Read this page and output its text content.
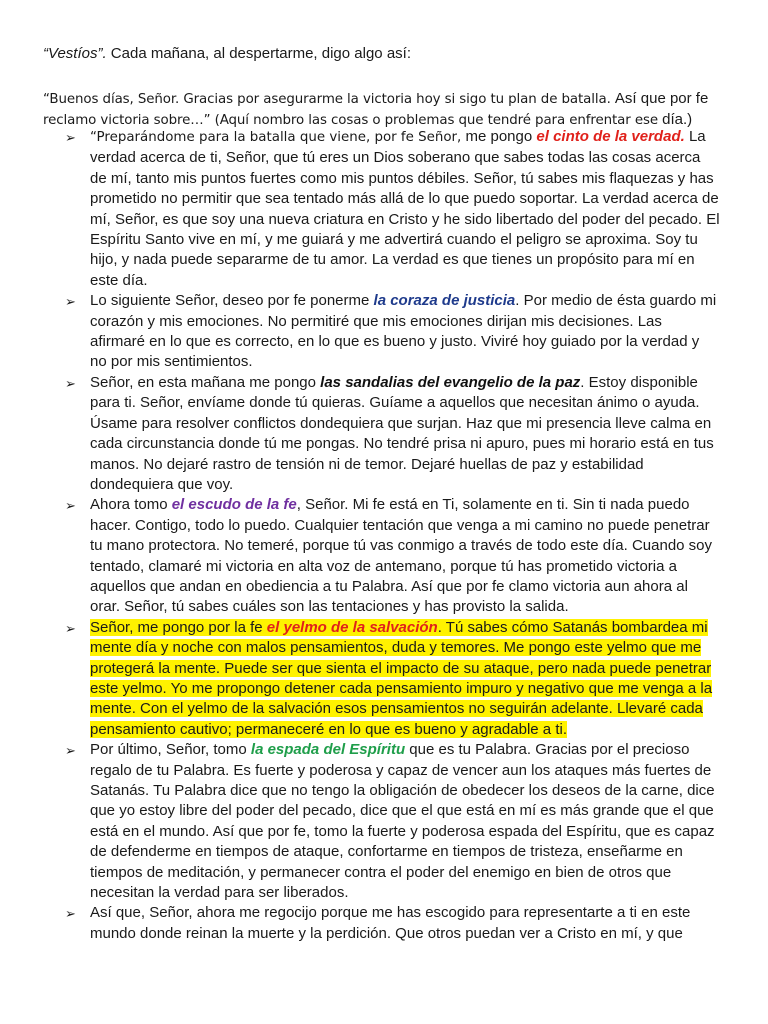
“Vestíos”. Cada mañana, al despertarme, digo algo así:
“Buenos días, Señor. Gracias por asegurarme la victoria hoy si sigo tu plan de batalla. Así que por fe
reclamo victoria sobre…” (Aquí nombro las cosas o problemas que tendré para enfrentar ese día.)
➢ “Preparándome para la batalla que viene, por fe Señor, me pongo el cinto de la verdad. La verdad acerca de ti, Señor, que tú eres un Dios soberano que sabes todas las cosas acerca de mí, tanto mis puntos fuertes como mis puntos débiles. Señor, tú sabes mis flaquezas y has prometido no permitir que sea tentado más allá de lo que puedo soportar. La verdad acerca de mí, Señor, es que soy una nueva criatura en Cristo y he sido libertado del poder del pecado. El Espíritu Santo vive en mí, y me guiará y me advertirá cuando el peligro se aproxima. Soy tu hijo, y nada puede separarme de tu amor. La verdad es que tienes un propósito para mí en este día.
➢ Lo siguiente Señor, deseo por fe ponerme la coraza de justicia. Por medio de ésta guardo mi corazón y mis emociones. No permitiré que mis emociones dirijan mis decisiones. Las afirmaré en lo que es correcto, en lo que es bueno y justo. Viviré hoy guiado por la verdad y no por mis sentimientos.
➢ Señor, en esta mañana me pongo las sandalias del evangelio de la paz. Estoy disponible para ti. Señor, envíame donde tú quieras. Guíame a aquellos que necesitan ánimo o ayuda. Úsame para resolver conflictos dondequiera que surjan. Haz que mi presencia lleve calma en cada circunstancia donde tú me pongas. No tendré prisa ni apuro, pues mi horario está en tus manos. No dejaré rastro de tensión ni de temor. Dejaré huellas de paz y estabilidad dondequiera que voy.
➢ Ahora tomo el escudo de la fe, Señor. Mi fe está en Ti, solamente en ti. Sin ti nada puedo hacer. Contigo, todo lo puedo. Cualquier tentación que venga a mi camino no puede penetrar tu mano protectora. No temeré, porque tú vas conmigo a través de todo este día. Cuando soy tentado, clamaré mi victoria en alta voz de antemano, porque tú has prometido victoria a aquellos que andan en obediencia a tu Palabra. Así que por fe clamo victoria aun ahora al orar. Señor, tú sabes cuáles son las tentaciones y has provisto la salida.
➢ Señor, me pongo por la fe el yelmo de la salvación. Tú sabes cómo Satanás bombardea mi mente día y noche con malos pensamientos, duda y temores. Me pongo este yelmo que me protegerá la mente. Puede ser que sienta el impacto de su ataque, pero nada puede penetrar este yelmo. Yo me propongo detener cada pensamiento impuro y negativo que me venga a la mente. Con el yelmo de la salvación esos pensamientos no seguirán adelante. Llevaré cada pensamiento cautivo; permaneceré en lo que es bueno y agradable a ti.
➢ Por último, Señor, tomo la espada del Espíritu que es tu Palabra. Gracias por el precioso regalo de tu Palabra. Es fuerte y poderosa y capaz de vencer aun los ataques más fuertes de Satanás. Tu Palabra dice que no tengo la obligación de obedecer los deseos de la carne, dice que yo estoy libre del poder del pecado, dice que el que está en mí es más grande que el que está en el mundo. Así que por fe, tomo la fuerte y poderosa espada del Espíritu, que es capaz de defenderme en tiempos de ataque, confortarme en tiempos de tristeza, enseñarme en tiempos de meditación, y permanecer contra el poder del enemigo en bien de otros que necesitan la verdad para ser liberados.
➢ Así que, Señor, ahora me regocijo porque me has escogido para representarte a ti en este mundo donde reinan la muerte y la perdición. Que otros puedan ver a Cristo en mí, y que
